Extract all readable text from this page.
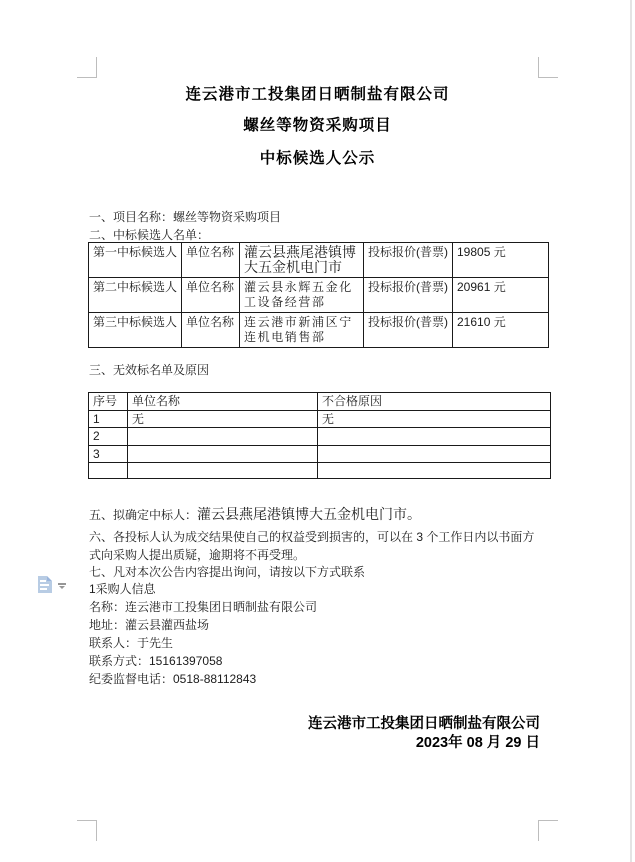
连云港市工投集团日晒制盐有限公司
螺丝等物资采购项目
中标候选人公示
一、项目名称：螺丝等物资采购项目
二、中标候选人名单：
第一中标候选人	单位名称	灌云县燕尾港镇博大五金机电门市	投标报价(普票)	19805 元
第二中标候选人	单位名称	灌云县永辉五金化工设备经营部	投标报价(普票)	20961 元
第三中标候选人	单位名称	连云港市新浦区宁连机电销售部	投标报价(普票)	21610 元
三、无效标名单及原因
序号	单位名称	不合格原因
1	无	无
2		
3		

五、拟确定中标人：灌云县燕尾港镇博大五金机电门市。
六、各投标人认为成交结果使自己的权益受到损害的，可以在 3 个工作日内以书面方式向采购人提出质疑，逾期将不再受理。
七、凡对本次公告内容提出询问，请按以下方式联系
1采购人信息
名称：连云港市工投集团日晒制盐有限公司
地址：灌云县灌西盐场
联系人：于先生
联系方式：15161397058
纪委监督电话：0518-88112843
连云港市工投集团日晒制盐有限公司
2023年 08 月 29 日
